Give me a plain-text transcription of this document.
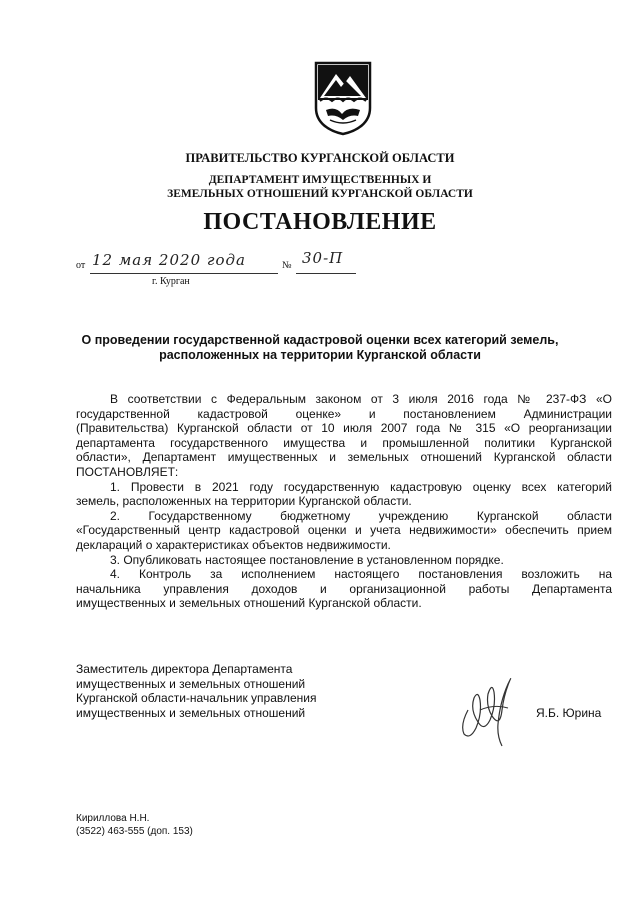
ПРАВИТЕЛЬСТВО КУРГАНСКОЙ ОБЛАСТИ
ДЕПАРТАМЕНТ ИМУЩЕСТВЕННЫХ И
ЗЕМЕЛЬНЫХ ОТНОШЕНИЙ КУРГАНСКОЙ ОБЛАСТИ
ПОСТАНОВЛЕНИЕ
от 12 мая 2020 года	№ 30-П
г. Курган
О проведении государственной кадастровой оценки всех категорий земель,
расположенных на территории Курганской области
В соответствии с Федеральным законом от 3 июля 2016 года № 237-ФЗ «О
государственной кадастровой оценке» и постановлением Администрации
(Правительства) Курганской области от 10 июля 2007 года № 315 «О реорганизации
департамента государственного имущества и промышленной политики Курганской
области», Департамент имущественных и земельных отношений Курганской области
ПОСТАНОВЛЯЕТ:
1. Провести в 2021 году государственную кадастровую оценку всех категорий
земель, расположенных на территории Курганской области.
2. Государственному бюджетному учреждению Курганской области
«Государственный центр кадастровой оценки и учета недвижимости» обеспечить прием
деклараций о характеристиках объектов недвижимости.
3. Опубликовать настоящее постановление в установленном порядке.
4. Контроль за исполнением настоящего постановления возложить на
начальника управления доходов и организационной работы Департамента
имущественных и земельных отношений Курганской области.
Заместитель директора Департамента
имущественных и земельных отношений
Курганской области-начальник управления
имущественных и земельных отношений	Я.Б. Юрина
Кириллова Н.Н.
(3522) 463-555 (доп. 153)
